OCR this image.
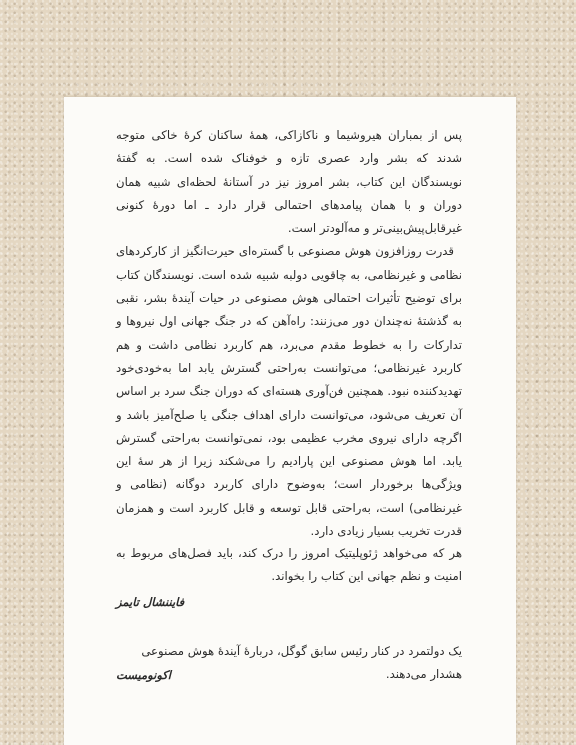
پس از بمباران هیروشیما و ناکازاکی، همهٔ ساکنان کرهٔ خاکی متوجه شدند که بشر وارد عصری تازه و خوفناک شده است. به گفتهٔ نویسندگان این کتاب، بشر امروز نیز در آستانهٔ لحظه‌ای شبیه همان دوران و با همان پیامدهای احتمالی قرار دارد ـ اما دورهٔ کنونی غیرقابل‌پیش‌بینی‌تر و مه‌آلودتر است.
قدرت روزافزون هوش مصنوعی با گستره‌ای حیرت‌انگیز از کارکردهای نظامی و غیرنظامی، به چاقویی دولبه شبیه شده است. نویسندگان کتاب برای توضیح تأثیرات احتمالی هوش مصنوعی در حیات آیندهٔ بشر، نقبی به گذشتهٔ نه‌چندان دور می‌زنند: راه‌آهن که در جنگ جهانی اول نیروها و تدارکات را به خطوط مقدم می‌برد، هم کاربرد نظامی داشت و هم کاربرد غیرنظامی؛ می‌توانست به‌راحتی گسترش یابد اما به‌خودی‌خود تهدیدکننده نبود. همچنین فن‌آوری هسته‌ای که دوران جنگ سرد بر اساس آن تعریف می‌شود، می‌توانست دارای اهداف جنگی یا صلح‌آمیز باشد و اگرچه دارای نیروی مخرب عظیمی بود، نمی‌توانست به‌راحتی گسترش یابد. اما هوش مصنوعی این پارادیم را می‌شکند زیرا از هر سهٔ این ویژگی‌ها برخوردار است؛ به‌وضوح دارای کاربرد دوگانه (نظامی و غیرنظامی) است، به‌راحتی قابل توسعه و قابل کاربرد است و همزمان قدرت تخریب بسیار زیادی دارد.

هر که می‌خواهد ژئوپلیتیک امروز را درک کند، باید فصل‌های مربوط به امنیت و نظم جهانی این کتاب را بخواند.

فایننشال تایمز

یک دولتمرد در کنار رئیس سابق گوگل، دربارهٔ آیندهٔ هوش مصنوعی هشدار می‌دهند.

اکونومیست
